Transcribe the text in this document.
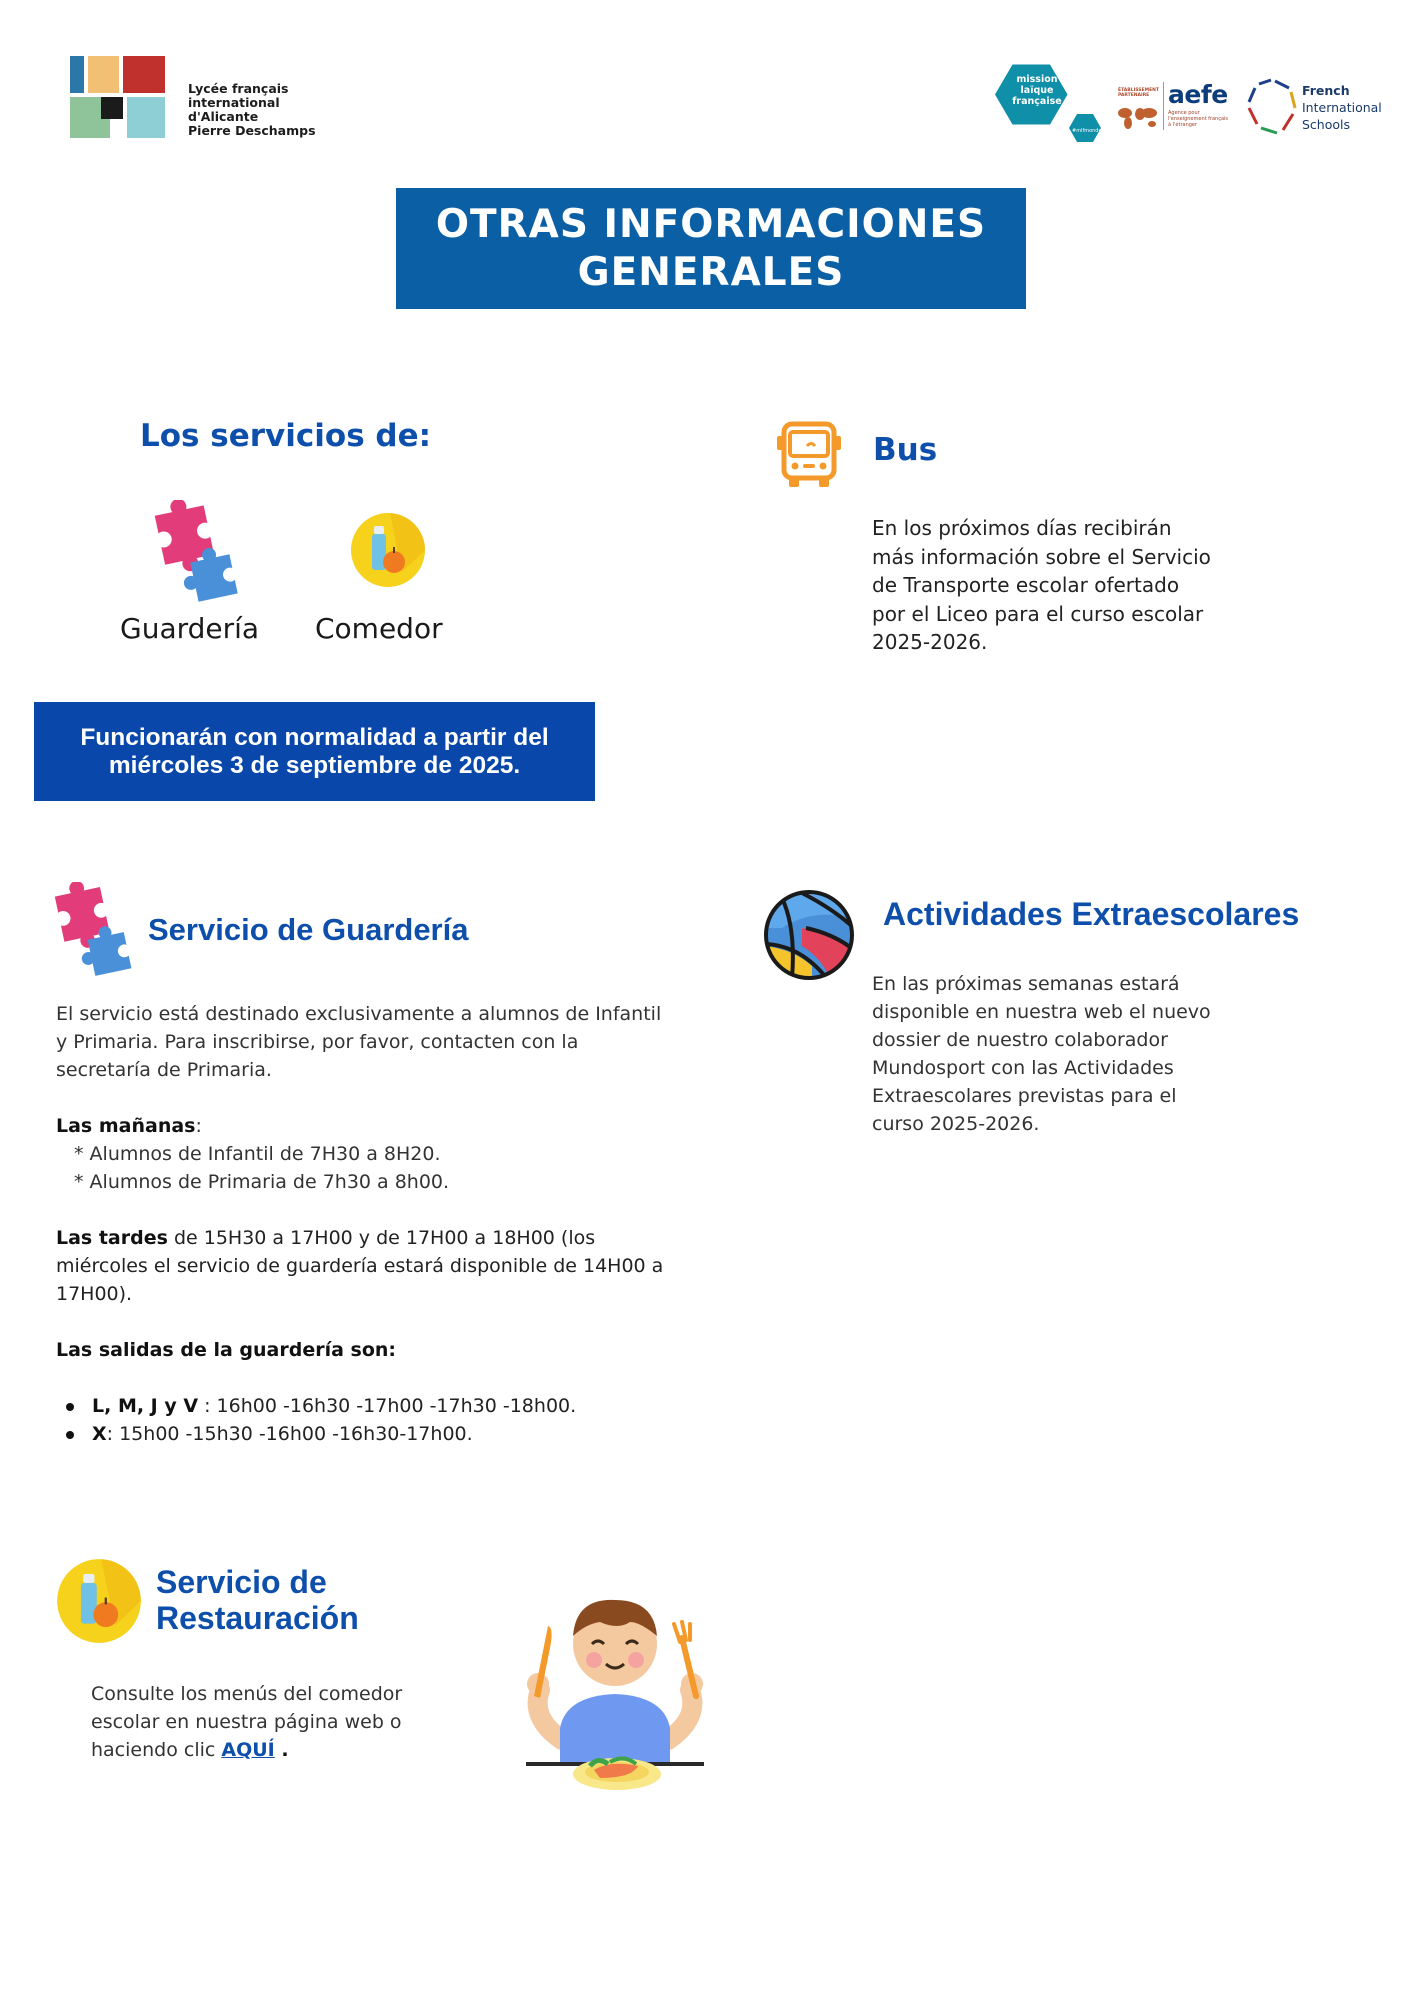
Lycée français
international
d'Alicante
Pierre Deschamps
mission
laïque
française
#mlfmonde
ÉTABLISSEMENT PARTENAIRE aefe
Agence pour l'enseignement français à l'étranger
French
International
Schools
OTRAS INFORMACIONES GENERALES
Los servicios de:
Guardería Comedor
Funcionarán con normalidad a partir del miércoles 3 de septiembre de 2025.
Bus
En los próximos días recibirán más información sobre el Servicio de Transporte escolar ofertado por el Liceo para el curso escolar 2025-2026.
Servicio de Guardería
El servicio está destinado exclusivamente a alumnos de Infantil y Primaria. Para inscribirse, por favor, contacten con la secretaría de Primaria.
Las mañanas:
* Alumnos de Infantil de 7H30 a 8H20.
* Alumnos de Primaria de 7h30 a 8h00.
Las tardes de 15H30 a 17H00 y de 17H00 a 18H00 (los miércoles el servicio de guardería estará disponible de 14H00 a 17H00).
Las salidas de la guardería son:
L, M, J y V : 16h00 -16h30 -17h00 -17h30 -18h00.
X: 15h00 -15h30 -16h00 -16h30-17h00.
Actividades Extraescolares
En las próximas semanas estará disponible en nuestra web el nuevo dossier de nuestro colaborador Mundosport con las Actividades Extraescolares previstas para el curso 2025-2026.
Servicio de
Restauración
Consulte los menús del comedor escolar en nuestra página web o haciendo clic AQUÍ .
